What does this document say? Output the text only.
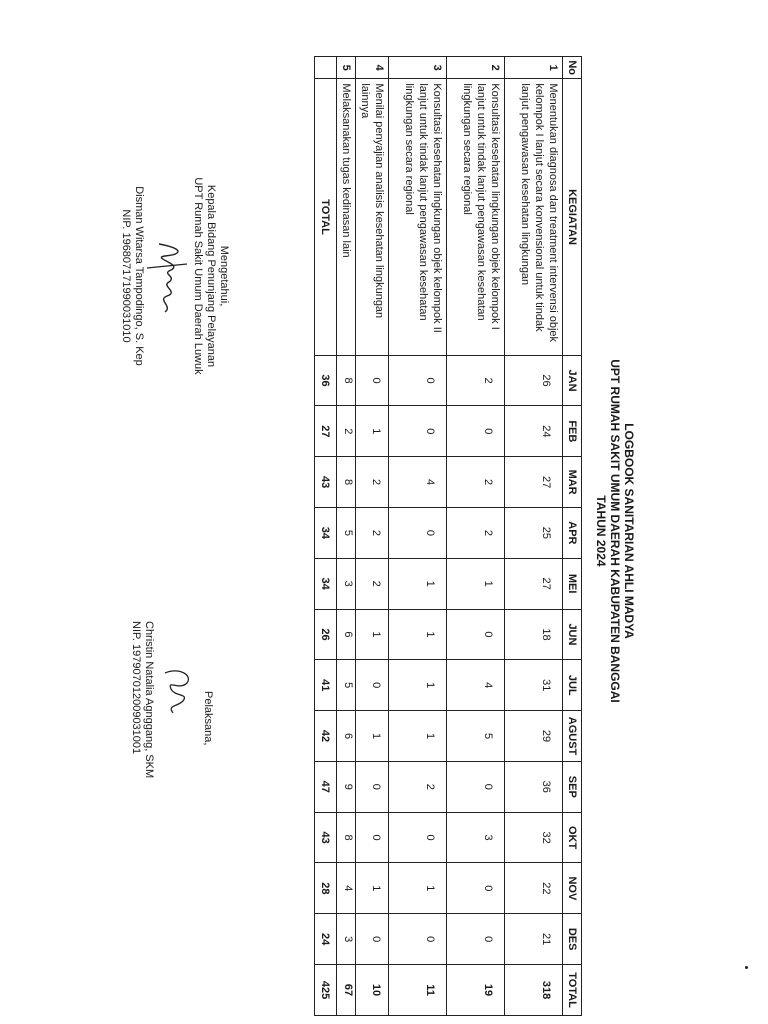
LOGBOOK SANITARIAN AHLI MADYA
UPT RUMAH SAKIT UMUM DAERAH KABUPATEN BANGGAI
TAHUN 2024
No	KEGIATAN	JAN	FEB	MAR	APR	MEI	JUN	JUL	AGUST	SEP	OKT	NOV	DES	TOTAL
1	Menentukan diagnosa dan treatment intervensi objek kelompok I lanjut secara konvensional untuk tindak lanjut pengawasan kesehatan lingkungan	26	24	27	25	27	18	31	29	36	32	22	21	318
2	Konsultasi kesehatan lingkungan objek kelompok I lanjut untuk tindak lanjut pengawasan kesehatan lingkungan secara regional	2	0	2	2	1	0	4	5	0	3	0	0	19
3	Konsultasi kesehatan lingkungan objek kelompok II lanjut untuk tindak lanjut pengawasan kesehatan lingkungan secara regional	0	0	4	0	1	1	1	1	2	0	1	0	11
4	Menilai penyajian analisis kesehatan lingkungan lainnya	0	1	2	2	2	1	0	1	0	0	1	0	10
5	Melaksanakan tugas kedinasan lain	8	2	8	5	3	6	5	6	9	8	4	3	67
	TOTAL	36	27	43	34	34	26	41	42	47	43	28	24	425
Mengetahui,
Kepala Bidang Penunjang Pelayanan
UPT Rumah Sakit Umum Daerah Luwuk
Disman Witarsa Tampodingo, S. Kep
NIP. 196807171990031010
Pelaksana,
Christin Natalia Agnggang, SKM
NIP. 197907012009031001
